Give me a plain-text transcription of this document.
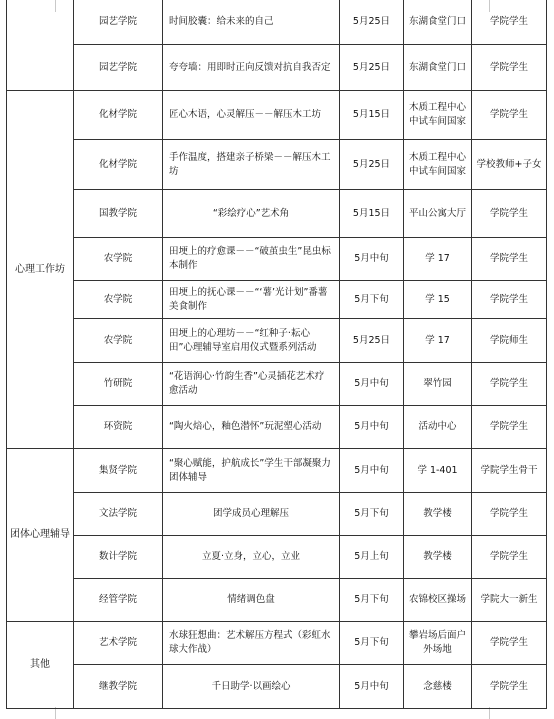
	园艺学院	时间胶囊：给未来的自己	5月25日	东湖食堂门口	学院学生
	园艺学院	夸夸墙：用即时正向反馈对抗自我否定	5月25日	东湖食堂门口	学院学生
心理工作坊	化材学院	匠心木语，心灵解压－－解压木工坊	5月15日	木质工程中心中试车间国家	学院学生
	化材学院	手作温度，搭建亲子桥梁－－解压木工坊	5月25日	木质工程中心中试车间国家	学校教师+子女
	国教学院	“彩绘疗心”艺术角	5月15日	平山公寓大厅	学院学生
	农学院	田埂上的疗愈课－－“破茧虫生”昆虫标本制作	5月中旬	学 17	学院学生
	农学院	田埂上的抚心课－－“‘薯’光计划”番薯美食制作	5月下旬	学 15	学院学生
	农学院	田埂上的心理坊－－“红种子·耘心田”心理辅导室启用仪式暨系列活动	5月25日	学 17	学院师生
	竹研院	“花语润心·竹韵生香”心灵插花艺术疗愈活动	5月中旬	翠竹园	学院学生
	环资院	“陶火焙心，釉色潜怀”玩泥塑心活动	5月中旬	活动中心	学院学生
团体心理辅导	集贤学院	“聚心赋能，护航成长”学生干部凝聚力团体辅导	5月中旬	学 1-401	学院学生骨干
	文法学院	团学成员心理解压	5月下旬	教学楼	学院学生
	数计学院	立夏·立身，立心，立业	5月上旬	教学楼	学院学生
	经管学院	情绪调色盘	5月下旬	农锦校区操场	学院大一新生
其他	艺术学院	水球狂想曲：艺术解压方程式（彩虹水球大作战）	5月下旬	攀岩场后面户外场地	学院学生
	继教学院	千日助学·以画绘心	5月中旬	念慈楼	学院学生
